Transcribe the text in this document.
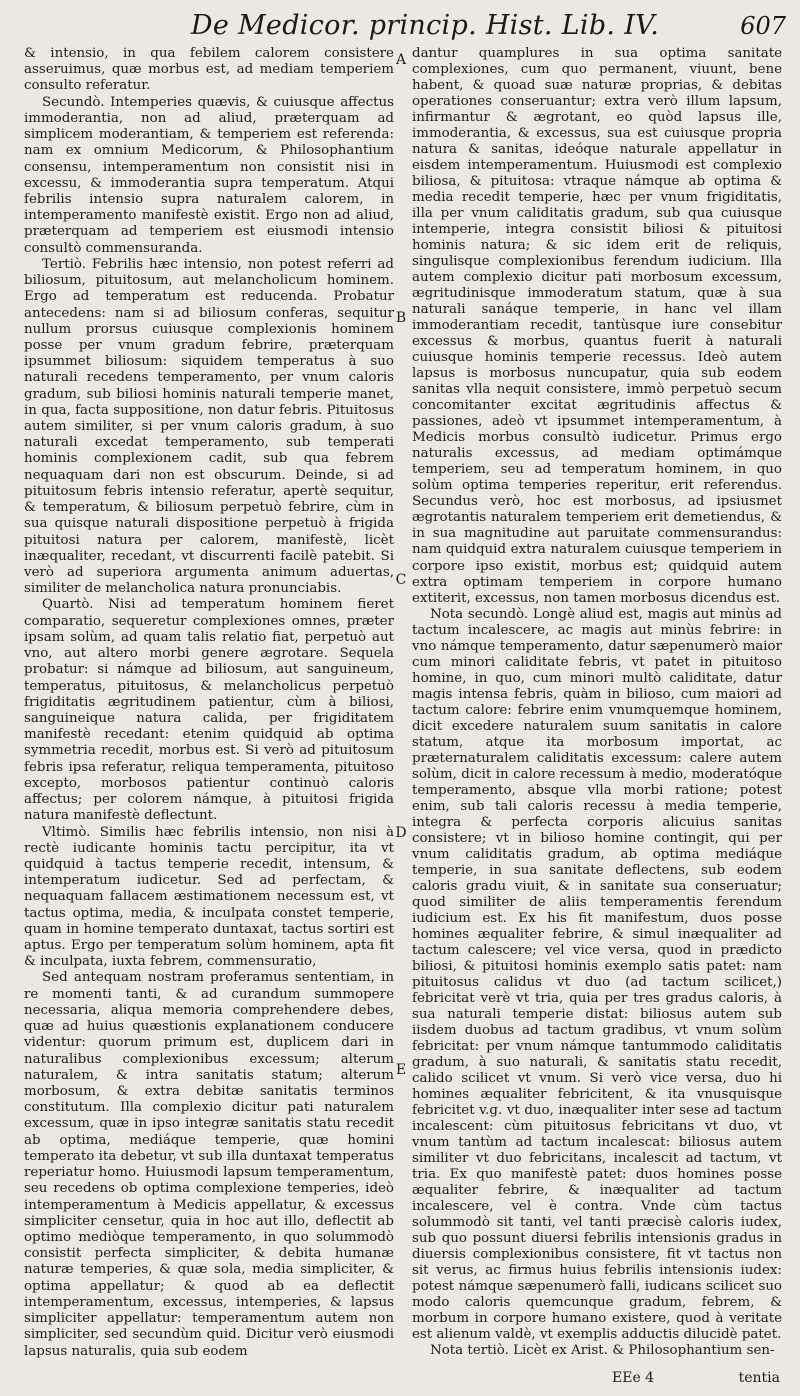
De Medicor. princip. Hist. Lib. IV.	607

& intensio, in qua febilem calorem consistere asseruimus, quæ morbus est, ad mediam temperiem consulto referatur.

Secundò. Intemperies quævis, & cuiusque affectus immoderantia, non ad aliud, præterquam ad simplicem moderantiam, & temperiem est referenda: nam ex omnium Medicorum, & Philosophantium consensu, intemperamentum non consistit nisi in excessu, & immoderantia supra temperatum. Atqui febrilis intensio supra naturalem calorem, in intemperamento manifestè existit. Ergo non ad aliud, præterquam ad temperiem est eiusmodi intensio consultò commensuranda.

Tertiò. Febrilis hæc intensio, non potest referri ad biliosum, pituitosum, aut melancholicum hominem. Ergo ad temperatum est reducenda. Probatur antecedens: nam si ad biliosum conferas, sequitur nullum prorsus cuiusque complexionis hominem posse per vnum gradum febrire, præterquam ipsummet biliosum: siquidem temperatus à suo naturali recedens temperamento, per vnum caloris gradum, sub biliosi hominis naturali temperie manet, in qua, facta suppositione, non datur febris. Pituitosus autem similiter, si per vnum caloris gradum, à suo naturali excedat temperamento, sub temperati hominis complexionem cadit, sub qua febrem nequaquam dari non est obscurum. Deinde, si ad pituitosum febris intensio referatur, apertè sequitur, & temperatum, & biliosum perpetuò febrire, cùm in sua quisque naturali dispositione perpetuò à frigida pituitosi natura per calorem, manifestè, licèt inæqualiter, recedant, vt discurrenti facilè patebit. Si verò ad superiora argumenta animum aduertas, similiter de melancholica natura pronunciabis.

Quartò. Nisi ad temperatum hominem fieret comparatio, sequeretur complexiones omnes, præter ipsam solùm, ad quam talis relatio fiat, perpetuò aut vno, aut altero morbi genere ægrotare. Sequela probatur: si námque ad biliosum, aut sanguineum, temperatus, pituitosus, & melancholicus perpetuò frigiditatis ægritudinem patientur, cùm à biliosi, sanguineique natura calida, per frigiditatem manifestè recedant: etenim quidquid ab optima symmetria recedit, morbus est. Si verò ad pituitosum febris ipsa referatur, reliqua temperamenta, pituitoso excepto, morbosos patientur continuò caloris affectus; per colorem námque, à pituitosi frigida natura manifestè deflectunt.

Vltimò. Similis hæc febrilis intensio, non nisi à rectè iudicante hominis tactu percipitur, ita vt quidquid à tactus temperie recedit, intensum, & intemperatum iudicetur. Sed ad perfectam, & nequaquam fallacem æstimationem necessum est, vt tactus optima, media, & inculpata constet temperie, quam in homine temperato duntaxat, tactus sortiri est aptus. Ergo per temperatum solùm hominem, apta fit & inculpata, iuxta febrem, commensuratio,

Sed antequam nostram proferamus sententiam, in re momenti tanti, & ad curandum summopere necessaria, aliqua memoria comprehendere debes, quæ ad huius quæstionis explanationem conducere videntur: quorum primum est, duplicem dari in naturalibus complexionibus excessum; alterum naturalem, & intra sanitatis statum; alterum morbosum, & extra debitæ sanitatis terminos constitutum. Illa complexio dicitur pati naturalem excessum, quæ in ipso integræ sanitatis statu recedit ab optima, mediáque temperie, quæ homini temperato ita debetur, vt sub illa duntaxat temperatus reperiatur homo. Huiusmodi lapsum temperamentum, seu recedens ob optima complexione temperies, ideò intemperamentum à Medicis appellatur, & excessus simpliciter censetur, quia in hoc aut illo, deflectit ab optimo mediòque temperamento, in quo solummodò consistit perfecta simpliciter, & debita humanæ naturæ temperies, & quæ sola, media simpliciter, & optima appellatur; & quod ab ea deflectit intemperamentum, excessus, intemperies, & lapsus simpliciter appellatur: temperamentum autem non simpliciter, sed secundùm quid. Dicitur verò eiusmodi lapsus naturalis, quia sub eodem

A
B
C
D
E

dantur quamplures in sua optima sanitate complexiones, cum quo permanent, viuunt, bene habent, & quoad suæ naturæ proprias, & debitas operationes conseruantur; extra verò illum lapsum, infirmantur & ægrotant, eo quòd lapsus ille, immoderantia, & excessus, sua est cuiusque propria natura & sanitas, ideóque naturale appellatur in eisdem intemperamentum. Huiusmodi est complexio biliosa, & pituitosa: vtraque námque ab optima & media recedit temperie, hæc per vnum frigiditatis, illa per vnum caliditatis gradum, sub qua cuiusque intemperie, integra consistit biliosi & pituitosi hominis natura; & sic idem erit de reliquis, singulisque complexionibus ferendum iudicium. Illa autem complexio dicitur pati morbosum excessum, ægritudinisque immoderatum statum, quæ à sua naturali sanáque temperie, in hanc vel illam immoderantiam recedit, tantùsque iure consebitur excessus & morbus, quantus fuerit à naturali cuiusque hominis temperie recessus. Ideò autem lapsus is morbosus nuncupatur, quia sub eodem sanitas vlla nequit consistere, immò perpetuò secum concomitanter excitat ægritudinis affectus & passiones, adeò vt ipsummet intemperamentum, à Medicis morbus consultò iudicetur. Primus ergo naturalis excessus, ad mediam optimámque temperiem, seu ad temperatum hominem, in quo solùm optima temperies reperitur, erit referendus. Secundus verò, hoc est morbosus, ad ipsiusmet ægrotantis naturalem temperiem erit demetiendus, & in sua magnitudine aut paruitate commensurandus: nam quidquid extra naturalem cuiusque temperiem in corpore ipso existit, morbus est; quidquid autem extra optimam temperiem in corpore humano extiterit, excessus, non tamen morbosus dicendus est.

Nota secundò. Longè aliud est, magis aut minùs ad tactum incalescere, ac magis aut minùs febrire: in vno námque temperamento, datur sæpenumerò maior cum minori caliditate febris, vt patet in pituitoso homine, in quo, cum minori multò caliditate, datur magis intensa febris, quàm in bilioso, cum maiori ad tactum calore: febrire enim vnumquemque hominem, dicit excedere naturalem suum sanitatis in calore statum, atque ita morbosum importat, ac præternaturalem caliditatis excessum: calere autem solùm, dicit in calore recessum à medio, moderatóque temperamento, absque vlla morbi ratione; potest enim, sub tali caloris recessu à media temperie, integra & perfecta corporis alicuius sanitas consistere; vt in bilioso homine contingit, qui per vnum caliditatis gradum, ab optima mediáque temperie, in sua sanitate deflectens, sub eodem caloris gradu viuit, & in sanitate sua conseruatur; quod similiter de aliis temperamentis ferendum iudicium est. Ex his fit manifestum, duos posse homines æqualiter febrire, & simul inæqualiter ad tactum calescere; vel vice versa, quod in prædicto biliosi, & pituitosi hominis exemplo satis patet: nam pituitosus calidus vt duo (ad tactum scilicet,) febricitat verè vt tria, quia per tres gradus caloris, à sua naturali temperie distat: biliosus autem sub iisdem duobus ad tactum gradibus, vt vnum solùm febricitat: per vnum námque tantummodo caliditatis gradum, à suo naturali, & sanitatis statu recedit, calido scilicet vt vnum. Si verò vice versa, duo hi homines æqualiter febricitent, & ita vnusquisque febricitet v.g. vt duo, inæqualiter inter sese ad tactum incalescent: cùm pituitosus febricitans vt duo, vt vnum tantùm ad tactum incalescat: biliosus autem similiter vt duo febricitans, incalescit ad tactum, vt tria. Ex quo manifestè patet: duos homines posse æqualiter febrire, & inæqualiter ad tactum incalescere, vel è contra. Vnde cùm tactus solummodò sit tanti, vel tanti præcisè caloris iudex, sub quo possunt diuersi febrilis intensionis gradus in diuersis complexionibus consistere, fit vt tactus non sit verus, ac firmus huius febrilis intensionis iudex: potest námque sæpenumerò falli, iudicans scilicet suo modo caloris quemcunque gradum, febrem, & morbum in corpore humano existere, quod à veritate est alienum valdè, vt exemplis adductis dilucidè patet.

Nota tertiò. Licèt ex Arist. & Philosophantium sen-

EEe 4	tentia
